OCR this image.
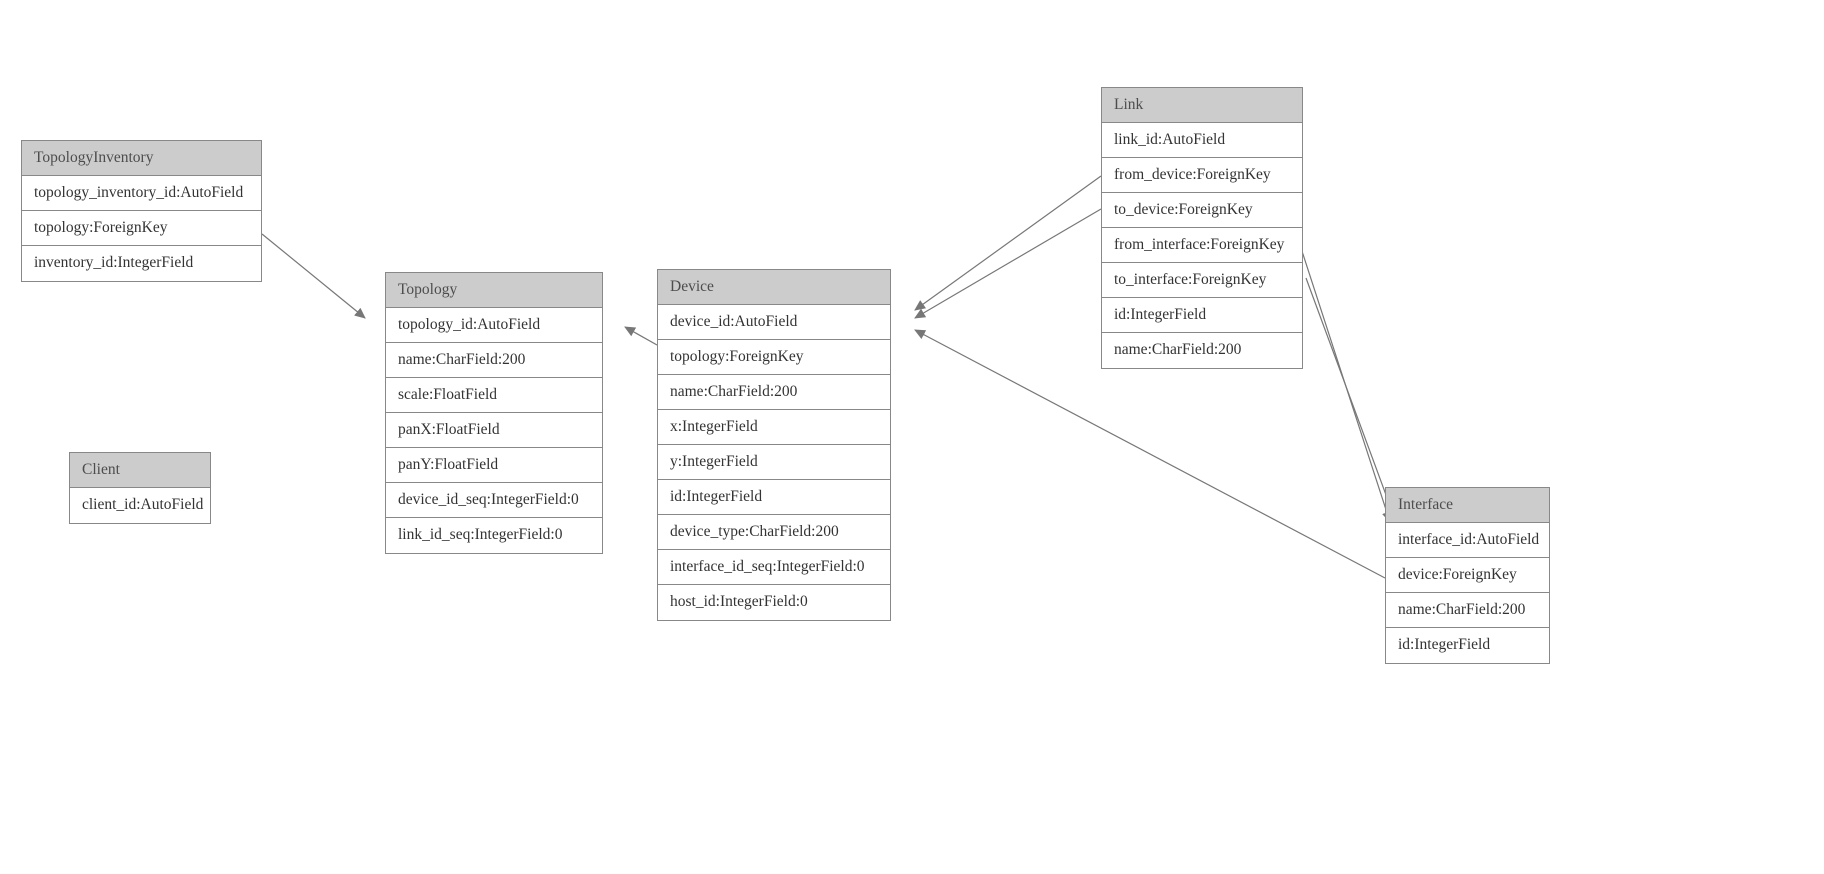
TopologyInventory
topology_inventory_id:AutoField
topology:ForeignKey
inventory_id:IntegerField
Client
client_id:AutoField
Topology
topology_id:AutoField
name:CharField:200
scale:FloatField
panX:FloatField
panY:FloatField
device_id_seq:IntegerField:0
link_id_seq:IntegerField:0
Device
device_id:AutoField
topology:ForeignKey
name:CharField:200
x:IntegerField
y:IntegerField
id:IntegerField
device_type:CharField:200
interface_id_seq:IntegerField:0
host_id:IntegerField:0
Link
link_id:AutoField
from_device:ForeignKey
to_device:ForeignKey
from_interface:ForeignKey
to_interface:ForeignKey
id:IntegerField
name:CharField:200
Interface
interface_id:AutoField
device:ForeignKey
name:CharField:200
id:IntegerField
